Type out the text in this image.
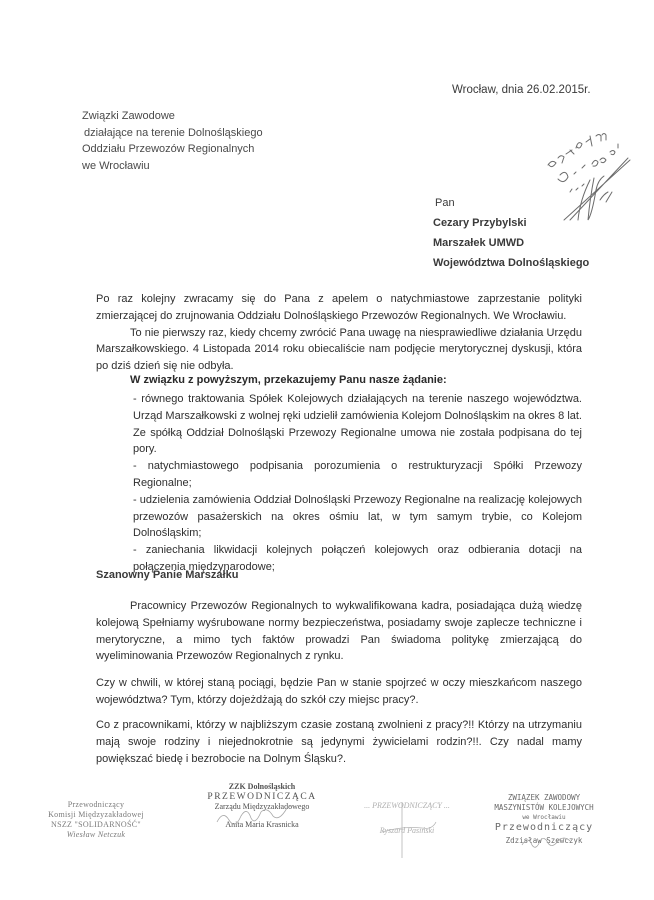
Wrocław, dnia 26.02.2015r.
Związki Zawodowe
działające na terenie Dolnośląskiego
Oddziału Przewozów Regionalnych
we Wrocławiu
Pan
Cezary Przybylski
Marszałek UMWD
Województwa Dolnośląskiego
Po raz kolejny zwracamy się do Pana z apelem o natychmiastowe zaprzestanie polityki zmierzającej do zrujnowania Oddziału Dolnośląskiego Przewozów Regionalnych. We Wrocławiu.
To nie pierwszy raz, kiedy chcemy zwrócić Pana uwagę na niesprawiedliwe działania Urzędu Marszałkowskiego. 4 Listopada 2014 roku obiecaliście nam podjęcie merytorycznej dyskusji, która po dziś dzień się nie odbyła.
W związku z powyższym, przekazujemy Panu nasze żądanie:

- równego traktowania Spółek Kolejowych działających na terenie naszego województwa. Urząd Marszałkowski z wolnej ręki udzielił zamówienia Kolejom Dolnośląskim na okres 8 lat. Ze spółką Oddział Dolnośląski Przewozy Regionalne umowa nie została podpisana do tej pory.

- natychmiastowego podpisania porozumienia o restrukturyzacji Spółki Przewozy Regionalne;

- udzielenia zamówienia Oddział Dolnośląski Przewozy Regionalne na realizację kolejowych przewozów pasażerskich na okres ośmiu lat, w tym samym trybie, co Kolejom Dolnośląskim;

- zaniechania likwidacji kolejnych połączeń kolejowych oraz odbierania dotacji na połączenia międzynarodowe;

Szanowny Panie Marszałku
Pracownicy Przewozów Regionalnych to wykwalifikowana kadra, posiadająca dużą wiedzę kolejową Spełniamy wyśrubowane normy bezpieczeństwa, posiadamy swoje zaplecze techniczne i merytoryczne, a mimo tych faktów prowadzi Pan świadoma politykę zmierzającą do wyeliminowania Przewozów Regionalnych z rynku.
Czy w chwili, w której staną pociągi, będzie Pan w stanie spojrzeć w oczy mieszkańcom naszego województwa? Tym, którzy dojeżdżają do szkół czy miejsc pracy?.
Co z pracownikami, którzy w najbliższym czasie zostaną zwolnieni z pracy?!! Którzy na utrzymaniu mają swoje rodziny i niejednokrotnie są jedynymi żywicielami rodzin?!!. Czy nadal mamy powiększać biedę i bezrobocie na Dolnym Śląsku?.
Przewodniczący
Komisji Międzyzakładowej
NSZZ "SOLIDARNOŚĆ"
Wiesław Netczuk
ZZK Dolnośląskich
PRZEWODNICZĄCA
Zarządu Międzyzakładowego
Anita Maria Krasnicka
... PRZEWODNICZĄCY ...
Ryszard Pasiński
ZWIĄZEK ZAWODOWY
MASZYNISTÓW KOLEJOWYCH
we Wrocławiu
Przewodniczący
Zdzisław Szewczyk
